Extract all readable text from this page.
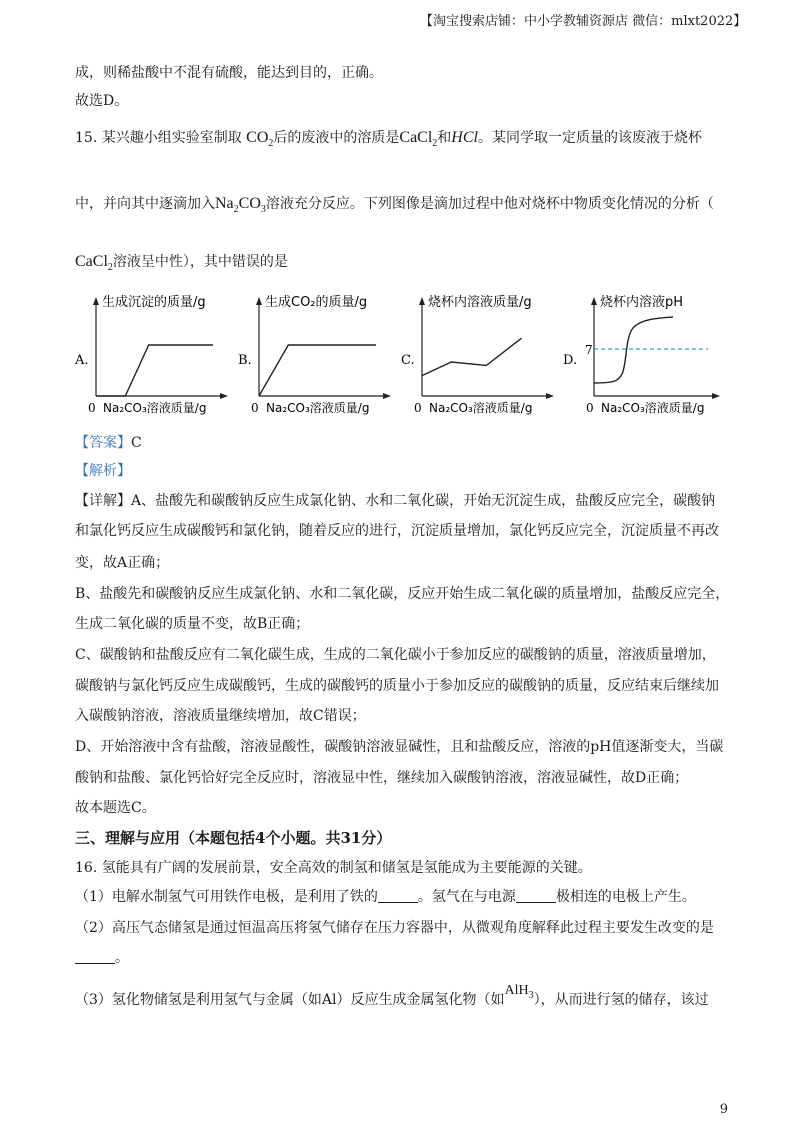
【淘宝搜索店铺：中小学教辅资源店 微信：mlxt2022】
成，则稀盐酸中不混有硫酸，能达到目的，正确。
故选D。
15. 某兴趣小组实验室制取 $CO_2$后的废液中的溶质是CaCl$_2$和HCl。某同学取一定质量的该废液于烧杯
中，并向其中逐滴加入$Na_2CO_3$溶液充分反应。下列图像是滴加过程中他对烧杯中物质变化情况的分析（
CaCl$_2$溶液呈中性），其中错误的是
生成沉淀的质量/g
A.
0 Na₂CO₃溶液质量/g
生成CO₂的质量/g
B.
0 Na₂CO₃溶液质量/g
烧杯内溶液质量/g
C.
0 Na₂CO₃溶液质量/g
烧杯内溶液pH
D.
7
0 Na₂CO₃溶液质量/g
【答案】C
【解析】
【详解】A、盐酸先和碳酸钠反应生成氯化钠、水和二氧化碳，开始无沉淀生成，盐酸反应完全，碳酸钠
和氯化钙反应生成碳酸钙和氯化钠，随着反应的进行，沉淀质量增加，氯化钙反应完全，沉淀质量不再改
变，故A正确；
B、盐酸先和碳酸钠反应生成氯化钠、水和二氧化碳，反应开始生成二氧化碳的质量增加，盐酸反应完全，
生成二氧化碳的质量不变，故B正确；
C、碳酸钠和盐酸反应有二氧化碳生成，生成的二氧化碳小于参加反应的碳酸钠的质量，溶液质量增加，
碳酸钠与氯化钙反应生成碳酸钙，生成的碳酸钙的质量小于参加反应的碳酸钠的质量，反应结束后继续加
入碳酸钠溶液，溶液质量继续增加，故C错误；
D、开始溶液中含有盐酸，溶液显酸性，碳酸钠溶液显碱性，且和盐酸反应，溶液的pH值逐渐变大，当碳
酸钠和盐酸、氯化钙恰好完全反应时，溶液显中性，继续加入碳酸钠溶液，溶液显碱性，故D正确；
故本题选C。
三、理解与应用（本题包括4个小题。共31分）
16. 氢能具有广阔的发展前景，安全高效的制氢和储氢是氢能成为主要能源的关键。
（1）电解水制氢气可用铁作电极，是利用了铁的	。氢气在与电源	极相连的电极上产生。
（2）高压气态储氢是通过恒温高压将氢气储存在压力容器中，从微观角度解释此过程主要发生改变的是
。
（3）氢化物储氢是利用氢气与金属（如Al）反应生成金属氢化物（如AlH$_3$），从而进行氢的储存，该过
9
